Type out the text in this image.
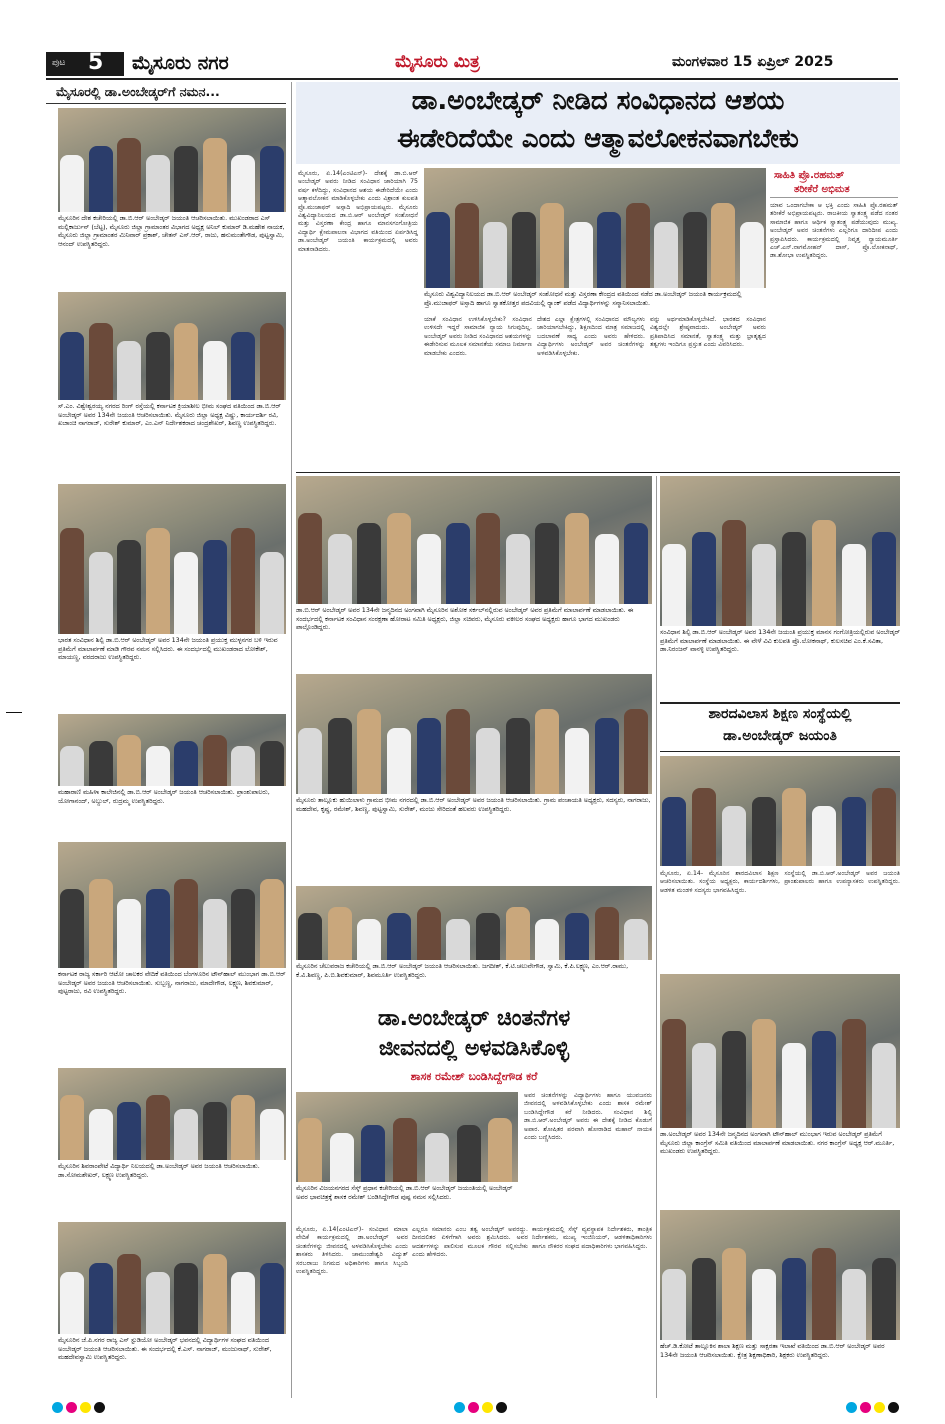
ಪುಟ 5 ಮೈಸೂರು ನಗರ	ಮೈಸೂರು ಮಿತ್ರ	ಮಂಗಳವಾರ 15 ಏಪ್ರಿಲ್ 2025
ಮೈಸೂರಲ್ಲಿ ಡಾ.ಅಂಬೇಡ್ಕರ್‌ಗೆ ನಮನ...
ಮೈಸೂರಿನ ದೇಶ ಕಚೇರಿಯಲ್ಲಿ ಡಾ.ಬಿ.ಆರ್ ಅಂಬೇಡ್ಕರ್ ಜಯಂತಿ ಆಚರಿಸಲಾಯಿತು. ಮುಖಂಡರಾದ ಎಸ್ ಮಲ್ಲಿಕಾರ್ಜುನ್ (ಬೆಟ್ಟ), ಮೈಸೂರು ಜಿಲ್ಲಾ ಗ್ರಾಮಾಂತರ ವಿಭಾಗದ ಅಧ್ಯಕ್ಷ ಅನಿಲ್ ಕುಮಾರ್ ಡಿ.ಮಹೇಶ ನಾಯಕ, ಮೈಸೂರು ಜಿಲ್ಲಾ ಗ್ರಾಮಾಂತರ ಮಿನಿವಾರ್ ಪ್ರಕಾಶ್, ಚೇತನ್ ಎಸ್.ಆರ್, ರಾಜು, ಹನುಮಂತೇಗೌಡ, ಪುಟ್ಟಸ್ವಾಮಿ, ಆನಂದ್ ಉಪಸ್ಥಿತರಿದ್ದರು.
ಸ್.ಎಂ. ವಿಶ್ವೇಶ್ವರಯ್ಯ ನಗರದ ರಿಂಗ್ ರಸ್ತೆಯಲ್ಲಿ ಕರ್ನಾಟಕ ಕ್ರಿಯಾಶೀಲ ಭೀಮ ಸಂಘದ ವತಿಯಿಂದ ಡಾ.ಬಿ.ಆರ್ ಅಂಬೇಡ್ಕರ್ ಅವರ 134ನೇ ಜಯಂತಿ ಆಚರಿಸಲಾಯಿತು. ಮೈಸೂರು ಜಿಲ್ಲಾ ಅಧ್ಯಕ್ಷ ವಿಷ್ಣು, ಕಾರ್ಯದರ್ಶಿ ರವಿ, ಖಜಾಂಚಿ ನಾಗರಾಜ್, ಸುರೇಶ್ ಕುಮಾರ್, ಎಂ.ಎನ್ ನಿರ್ದೇಶಕರಾದ ಚಂದ್ರಶೇಖರ್, ಶಿವಣ್ಣ ಉಪಸ್ಥಿತರಿದ್ದರು.
ಭಾರತ ಸಂವಿಧಾನ ಶಿಲ್ಪಿ ಡಾ.ಬಿ.ಆರ್ ಅಂಬೇಡ್ಕರ್ ಅವರ 134ನೇ ಜಯಂತಿ ಪ್ರಯುಕ್ತ ಮುಳ್ಳನಗರ ಬಳಿ ಇರುವ ಪ್ರತಿಮೆಗೆ ಮಾಲಾರ್ಪಣೆ ಮಾಡಿ ಗೌರವ ನಮನ ಸಲ್ಲಿಸಿದರು. ಈ ಸಂದರ್ಭದಲ್ಲಿ ಮುಖಂಡರಾದ ಲೋಕೇಶ್, ಮಾಯಣ್ಣ, ವರದರಾಜು ಉಪಸ್ಥಿತರಿದ್ದರು.
ಮಹಾರಾಣಿ ಮಹಿಳಾ ಕಾಲೇಜಿನಲ್ಲಿ ಡಾ.ಬಿ.ಆರ್ ಅಂಬೇಡ್ಕರ್ ಜಯಂತಿ ಆಚರಿಸಲಾಯಿತು. ಪ್ರಾಂಶುಪಾಲರು, ಯೋಗಾನಂದ್, ಅಬ್ದುಲ್, ರುದ್ರಮ್ಮ ಉಪಸ್ಥಿತರಿದ್ದರು.
ಕರ್ನಾಟಕ ರಾಜ್ಯ ಸರ್ಕಾರಿ ಆಟೋ ಚಾಲಕರ ವೇದಿಕೆ ವತಿಯಿಂದ ಬೆಂಗಳೂರಿನ ಟೌನ್‌ಹಾಲ್ ಮುಂಭಾಗ ಡಾ.ಬಿ.ಆರ್ ಅಂಬೇಡ್ಕರ್ ಅವರ ಜಯಂತಿ ಆಚರಿಸಲಾಯಿತು. ಸುಬ್ಬಣ್ಣ, ನಾಗರಾಜು, ಮಾದೇಗೌಡ, ಲಕ್ಷ್ಮಣ, ಶಿವಕುಮಾರ್, ಪುಟ್ಟರಾಜು, ರವಿ ಉಪಸ್ಥಿತರಿದ್ದರು.
ಮೈಸೂರಿನ ಶಿವರಾಂಪೇಟೆ ವಿದ್ಯಾರ್ಥಿ ನಿಲಯದಲ್ಲಿ ಡಾ.ಅಂಬೇಡ್ಕರ್ ಅವರ ಜಯಂತಿ ಆಚರಿಸಲಾಯಿತು. ಡಾ.ಸೋಮಶೇಖರ್, ಲಕ್ಷ್ಮಣ ಉಪಸ್ಥಿತರಿದ್ದರು.
ಮೈಸೂರಿನ ಜೆ.ಪಿ.ನಗರ ರಾಜ್ಯ ಎಸ್ ಸ್ಟುಡಿಯೋ ಅಂಬೇಡ್ಕರ್ ಭವನದಲ್ಲಿ ವಿದ್ಯಾರ್ಥಿಗಳ ಸಂಘದ ವತಿಯಿಂದ ಅಂಬೇಡ್ಕರ್ ಜಯಂತಿ ಆಚರಿಸಲಾಯಿತು. ಈ ಸಂದರ್ಭದಲ್ಲಿ ಕೆ.ಎಸ್. ನಾಗರಾಜ್, ಮಂಜುನಾಥ್, ಸುರೇಶ್, ಮಹದೇವಸ್ವಾಮಿ ಉಪಸ್ಥಿತರಿದ್ದರು.
ಡಾ.ಅಂಬೇಡ್ಕರ್ ನೀಡಿದ ಸಂವಿಧಾನದ ಆಶಯ
ಈಡೇರಿದೆಯೇ ಎಂದು ಆತ್ಮಾವಲೋಕನವಾಗಬೇಕು
ಮೈಸೂರು, ಏ.14(ಎಂಟಿಎನ್)- ದೇಶಕ್ಕೆ ಡಾ.ಬಿ.ಆರ್ ಅಂಬೇಡ್ಕರ್ ಅವರು ನೀಡಿದ ಸಂವಿಧಾನ ಜಾರಿಯಾಗಿ 75 ವರ್ಷ ಕಳೆದಿದ್ದು, ಸಂವಿಧಾನದ ಆಶಯ ಈಡೇರಿದೆಯೇ ಎಂದು ಆತ್ಮಾವಲೋಕನ ಮಾಡಿಕೊಳ್ಳಬೇಕು ಎಂದು ವಿಶ್ರಾಂತ ಕುಲಪತಿ ಪ್ರೊ.ಮುಜಾಫರ್ ಅಸ್ಸಾದಿ ಅಭಿಪ್ರಾಯಪಟ್ಟರು. ಮೈಸೂರು ವಿಶ್ವವಿದ್ಯಾನಿಲಯದ ಡಾ.ಬಿ.ಆರ್ ಅಂಬೇಡ್ಕರ್ ಸಂಶೋಧನೆ ಮತ್ತು ವಿಸ್ತರಣಾ ಕೇಂದ್ರ ಹಾಗೂ ಮಾನಸಗಂಗೋತ್ರಿಯ ವಿದ್ಯಾರ್ಥಿ ಕ್ಷೇಮಪಾಲನಾ ವಿಭಾಗದ ವತಿಯಿಂದ ಏರ್ಪಡಿಸಿದ್ದ ಡಾ.ಅಂಬೇಡ್ಕರ್ ಜಯಂತಿ ಕಾರ್ಯಕ್ರಮದಲ್ಲಿ ಅವರು ಮಾತನಾಡಿದರು.
ಮೈಸೂರು ವಿಶ್ವವಿದ್ಯಾನಿಲಯದ ಡಾ.ಬಿ.ಆರ್ ಅಂಬೇಡ್ಕರ್ ಸಂಶೋಧನೆ ಮತ್ತು ವಿಸ್ತರಣಾ ಕೇಂದ್ರದ ವತಿಯಿಂದ ನಡೆದ ಡಾ.ಅಂಬೇಡ್ಕರ್ ಜಯಂತಿ ಕಾರ್ಯಕ್ರಮದಲ್ಲಿ ಪ್ರೊ.ಮುಜಾಫರ್ ಅಸ್ಸಾದಿ ಹಾಗೂ ಸ್ವಾತಕೋತ್ತರ ಪದವಿಯಲ್ಲಿ ರ‍್ಯಾಂಕ್ ಪಡೆದ ವಿದ್ಯಾರ್ಥಿಗಳನ್ನು ಸನ್ಮಾನಿಸಲಾಯಿತು.
ಯಾಕೆ ಸಂವಿಧಾನ ಉಳಿಸಿಕೊಳ್ಳಬೇಕು? ಸಂವಿಧಾನ ಉಳಿಸದೇ ಇದ್ದರೆ ಸಾಮಾಜಿಕ ನ್ಯಾಯ ಸಿಗುವುದಿಲ್ಲ. ಅಂಬೇಡ್ಕರ್ ಅವರು ನೀಡಿದ ಸಂವಿಧಾನದ ಆಶಯಗಳನ್ನು ಈಡೇರಿಸುವ ಮೂಲಕ ಸಮಾನತೆಯ ಸಮಾಜ ನಿರ್ಮಾಣ ಮಾಡಬೇಕು ಎಂದರು.
ದೇಶದ ಎಲ್ಲಾ ಕ್ಷೇತ್ರಗಳಲ್ಲಿ ಸಂವಿಧಾನದ ಮೌಲ್ಯಗಳು ಜಾರಿಯಾಗಬೇಕಿದ್ದು, ಶಿಕ್ಷಣದಿಂದ ಮಾತ್ರ ಸಮಾಜದಲ್ಲಿ ಬದಲಾವಣೆ ಸಾಧ್ಯ ಎಂದು ಅವರು ಹೇಳಿದರು. ವಿದ್ಯಾರ್ಥಿಗಳು ಅಂಬೇಡ್ಕರ್ ಅವರ ಚಿಂತನೆಗಳನ್ನು ಅಳವಡಿಸಿಕೊಳ್ಳಬೇಕು.
ವನ್ನು ಅರ್ಥಮಾಡಿಕೊಳ್ಳಬೇಕಿದೆ. ಭಾರತದ ಸಂವಿಧಾನ ವಿಶ್ವದಲ್ಲೇ ಶ್ರೇಷ್ಠವಾದುದು. ಅಂಬೇಡ್ಕರ್ ಅವರು ಪ್ರತಿಪಾದಿಸಿದ ಸಮಾನತೆ, ಸ್ವಾತಂತ್ರ್ಯ ಮತ್ತು ಭ್ರಾತೃತ್ವದ ತತ್ವಗಳು ಇಂದಿಗೂ ಪ್ರಸ್ತುತ ಎಂದು ವಿವರಿಸಿದರು.
ಸಾಹಿತಿ ಪ್ರೊ.ರಹಮತ್
ತರೀಕೆರೆ ಅಭಿಮತ
ಯಾವ ಒಂದಾಗಬೇಕಾ ಆ ಭಕ್ತಿ ಎಂದು ಸಾಹಿತಿ ಪ್ರೊ.ರಹಮತ್ ತರೀಕೆರೆ ಅಭಿಪ್ರಾಯಪಟ್ಟರು. ರಾಜಕೀಯ ಸ್ವಾತಂತ್ರ್ಯ ಪಡೆದ ನಂತರ ಸಾಮಾಜಿಕ ಹಾಗೂ ಆರ್ಥಿಕ ಸ್ವಾತಂತ್ರ್ಯ ಪಡೆಯುವುದು ಮುಖ್ಯ. ಅಂಬೇಡ್ಕರ್ ಅವರ ಚಿಂತನೆಗಳು ಎಲ್ಲರಿಗೂ ದಾರಿದೀಪ ಎಂದು ಪ್ರಸ್ತಾಪಿಸಿದರು. ಕಾರ್ಯಕ್ರಮದಲ್ಲಿ ನಿವೃತ್ತ ನ್ಯಾಯಮೂರ್ತಿ ಎಚ್.ಎನ್.ನಾಗಮೋಹನ್ ದಾಸ್, ಪ್ರೊ.ಲೋಕನಾಥ್, ಡಾ.ಶೋಭಾ ಉಪಸ್ಥಿತರಿದ್ದರು.
ಡಾ.ಬಿ.ಆರ್ ಅಂಬೇಡ್ಕರ್ ಅವರ 134ನೇ ಜನ್ಮದಿನದ ಅಂಗವಾಗಿ ಮೈಸೂರಿನ ಅಶೋಕ ಸರ್ಕಲ್‌ನಲ್ಲಿರುವ ಅಂಬೇಡ್ಕರ್ ಅವರ ಪ್ರತಿಮೆಗೆ ಮಾಲಾರ್ಪಣೆ ಮಾಡಲಾಯಿತು. ಈ ಸಂದರ್ಭದಲ್ಲಿ ಕರ್ನಾಟಕ ಸಂವಿಧಾನ ಸಂರಕ್ಷಣಾ ಹೋರಾಟ ಸಮಿತಿ ಅಧ್ಯಕ್ಷರು, ಜಿಲ್ಲಾ ಸಚಿವರು, ಮೈಸೂರು ವಕೀಲರ ಸಂಘದ ಅಧ್ಯಕ್ಷರು ಹಾಗೂ ಭಾಗದ ಮುಖಂಡರು ಪಾಲ್ಗೊಂಡಿದ್ದರು.
ಮೈಸೂರು ತಾಲ್ಲೂಕು ಹುಯಿಲಾಳು ಗ್ರಾಮದ ಭೀಮ ನಗರದಲ್ಲಿ ಡಾ.ಬಿ.ಆರ್ ಅಂಬೇಡ್ಕರ್ ಅವರ ಜಯಂತಿ ಆಚರಿಸಲಾಯಿತು. ಗ್ರಾಮ ಪಂಚಾಯತಿ ಅಧ್ಯಕ್ಷರು, ಸದಸ್ಯರು, ನಾಗರಾಜು, ಮಹದೇವ, ಕೃಷ್ಣ, ರಮೇಶ್, ಶಿವಣ್ಣ, ಪುಟ್ಟಸ್ವಾಮಿ, ಸುರೇಶ್, ಮಂಜು ಸೇರಿದಂತೆ ಹಲವರು ಉಪಸ್ಥಿತರಿದ್ದರು.
ಮೈಸೂರಿನ ಚೆಲುವರಾಜ ಕಚೇರಿಯಲ್ಲಿ ಡಾ.ಬಿ.ಆರ್ ಅಂಬೇಡ್ಕರ್ ಜಯಂತಿ ಆಚರಿಸಲಾಯಿತು. ಜಗದೀಶ್, ಕೆ.ಟಿ.ಚಲುವೇಗೌಡ, ಸ್ವಾಮಿ, ಕೆ.ಪಿ.ಲಕ್ಷ್ಮಣ, ಎಂ.ಆರ್.ರಾಮು, ಕೆ.ವಿ.ಶಿವಣ್ಣ, ಪಿ.ಬಿ.ಶಿವಕುಮಾರ್, ಶಿವಮೂರ್ತಿ ಉಪಸ್ಥಿತರಿದ್ದರು.
ಡಾ.ಅಂಬೇಡ್ಕರ್ ಚಿಂತನೆಗಳ
ಜೀವನದಲ್ಲಿ ಅಳವಡಿಸಿಕೊಳ್ಳಿ
ಶಾಸಕ ರಮೇಶ್ ಬಂಡಿಸಿದ್ದೇಗೌಡ ಕರೆ
ಮೈಸೂರಿನ ವಿಜಯನಗರದ ಸೆಸ್ಕ್ ಪ್ರಧಾನ ಕಚೇರಿಯಲ್ಲಿ ಡಾ.ಬಿ.ಆರ್ ಅಂಬೇಡ್ಕರ್ ಜಯಂತಿಯಲ್ಲಿ ಅಂಬೇಡ್ಕರ್ ಅವರ ಭಾವಚಿತ್ರಕ್ಕೆ ಶಾಸಕ ರಮೇಶ್ ಬಂಡಿಸಿದ್ದೇಗೌಡ ಪುಷ್ಪ ನಮನ ಸಲ್ಲಿಸಿದರು.
ಅವರ ಚಿಂತನೆಗಳನ್ನು ವಿದ್ಯಾರ್ಥಿಗಳು ಹಾಗೂ ಯುವಜನರು ಜೀವನದಲ್ಲಿ ಅಳವಡಿಸಿಕೊಳ್ಳಬೇಕು ಎಂದು ಶಾಸಕ ರಮೇಶ್ ಬಂಡಿಸಿದ್ದೇಗೌಡ ಕರೆ ನೀಡಿದರು. ಸಂವಿಧಾನ ಶಿಲ್ಪಿ ಡಾ.ಬಿ.ಆರ್.ಅಂಬೇಡ್ಕರ್ ಅವರು ಈ ದೇಶಕ್ಕೆ ನೀಡಿದ ಕೊಡುಗೆ ಅಪಾರ. ಶೋಷಿತರ ಪರವಾಗಿ ಹೋರಾಡಿದ ಮಹಾನ್ ನಾಯಕ ಎಂದು ಬಣ್ಣಿಸಿದರು.
ಮೈಸೂರು, ಏ.14(ಎಂಟಿಎನ್)- ಸಂವಿಧಾನ ಮಾಲಾ ವೇದಿಕೆ ಕಾರ್ಯಕ್ರಮದಲ್ಲಿ ಡಾ.ಅಂಬೇಡ್ಕರ್ ಅವರ ಚಿಂತನೆಗಳನ್ನು ಜೀವನದಲ್ಲಿ ಅಳವಡಿಸಿಕೊಳ್ಳಬೇಕು ಎಂದು ಶಾಸಕರು ತಿಳಿಸಿದರು. ಚಾಮುಂಡೇಶ್ವರಿ ವಿದ್ಯುತ್ ಸರಬರಾಜು ನಿಗಮದ ಅಧಿಕಾರಿಗಳು ಹಾಗೂ ಸಿಬ್ಬಂದಿ ಉಪಸ್ಥಿತರಿದ್ದರು.
ಎಲ್ಲರೂ ಸಮಾನರು ಎಂಬ ತತ್ವ ಅಂಬೇಡ್ಕರ್ ಅವರದ್ದು. ದೀನದಲಿತರ ಏಳಿಗೆಗಾಗಿ ಅವರು ಶ್ರಮಿಸಿದರು. ಅವರ ಆದರ್ಶಗಳನ್ನು ಪಾಲಿಸುವ ಮೂಲಕ ಗೌರವ ಸಲ್ಲಿಸಬೇಕು ಎಂದು ಹೇಳಿದರು.
ಕಾರ್ಯಕ್ರಮದಲ್ಲಿ ಸೆಸ್ಕ್ ವ್ಯವಸ್ಥಾಪಕ ನಿರ್ದೇಶಕರು, ತಾಂತ್ರಿಕ ನಿರ್ದೇಶಕರು, ಮುಖ್ಯ ಇಂಜಿನಿಯರ್, ಆಡಳಿತಾಧಿಕಾರಿಗಳು ಹಾಗೂ ನೌಕರರ ಸಂಘದ ಪದಾಧಿಕಾರಿಗಳು ಭಾಗವಹಿಸಿದ್ದರು.
ಸಂವಿಧಾನ ಶಿಲ್ಪಿ ಡಾ.ಬಿ.ಆರ್ ಅಂಬೇಡ್ಕರ್ ಅವರ 134ನೇ ಜಯಂತಿ ಪ್ರಯುಕ್ತ ಮಾನಸ ಗಂಗೋತ್ರಿಯಲ್ಲಿರುವ ಅಂಬೇಡ್ಕರ್ ಪ್ರತಿಮೆಗೆ ಮಾಲಾರ್ಪಣೆ ಮಾಡಲಾಯಿತು. ಈ ವೇಳೆ ವಿವಿ ಕುಲಪತಿ ಪ್ರೊ.ಲೋಕನಾಥ್, ಕುಲಸಚಿವ ಎಂ.ಕೆ.ಸವಿತಾ, ಡಾ.ನಿರಂಜನ್ ವಾನಳ್ಳಿ ಉಪಸ್ಥಿತರಿದ್ದರು.
ಶಾರದವಿಲಾಸ ಶಿಕ್ಷಣ ಸಂಸ್ಥೆಯಲ್ಲಿ
ಡಾ.ಅಂಬೇಡ್ಕರ್ ಜಯಂತಿ
ಮೈಸೂರು, ಏ.14- ಮೈಸೂರಿನ ಶಾರದವಿಲಾಸ ಶಿಕ್ಷಣ ಸಂಸ್ಥೆಯಲ್ಲಿ ಡಾ.ಬಿ.ಆರ್.ಅಂಬೇಡ್ಕರ್ ಅವರ ಜಯಂತಿ ಆಚರಿಸಲಾಯಿತು. ಸಂಸ್ಥೆಯ ಅಧ್ಯಕ್ಷರು, ಕಾರ್ಯದರ್ಶಿಗಳು, ಪ್ರಾಂಶುಪಾಲರು ಹಾಗೂ ಉಪನ್ಯಾಸಕರು ಉಪಸ್ಥಿತರಿದ್ದರು. ಆಡಳಿತ ಮಂಡಳಿ ಸದಸ್ಯರು ಭಾಗವಹಿಸಿದ್ದರು.
ಡಾ.ಅಂಬೇಡ್ಕರ್ ಅವರ 134ನೇ ಜನ್ಮದಿನದ ಅಂಗವಾಗಿ ಟೌನ್‌ಹಾಲ್ ಮುಂಭಾಗ ಇರುವ ಅಂಬೇಡ್ಕರ್ ಪ್ರತಿಮೆಗೆ ಮೈಸೂರು ಜಿಲ್ಲಾ ಕಾಂಗ್ರೆಸ್ ಸಮಿತಿ ವತಿಯಿಂದ ಮಾಲಾರ್ಪಣೆ ಮಾಡಲಾಯಿತು. ನಗರ ಕಾಂಗ್ರೆಸ್ ಅಧ್ಯಕ್ಷ ಆರ್.ಮೂರ್ತಿ, ಮುಖಂಡರು ಉಪಸ್ಥಿತರಿದ್ದರು.
ಹೆಚ್.ಡಿ.ಕೋಟೆ ತಾಲ್ಲೂಕಿನ ಶಾಲಾ ಶಿಕ್ಷಣ ಮತ್ತು ಸಾಕ್ಷರತಾ ಇಲಾಖೆ ವತಿಯಿಂದ ಡಾ.ಬಿ.ಆರ್ ಅಂಬೇಡ್ಕರ್ ಅವರ 134ನೇ ಜಯಂತಿ ಆಚರಿಸಲಾಯಿತು. ಕ್ಷೇತ್ರ ಶಿಕ್ಷಣಾಧಿಕಾರಿ, ಶಿಕ್ಷಕರು ಉಪಸ್ಥಿತರಿದ್ದರು.
